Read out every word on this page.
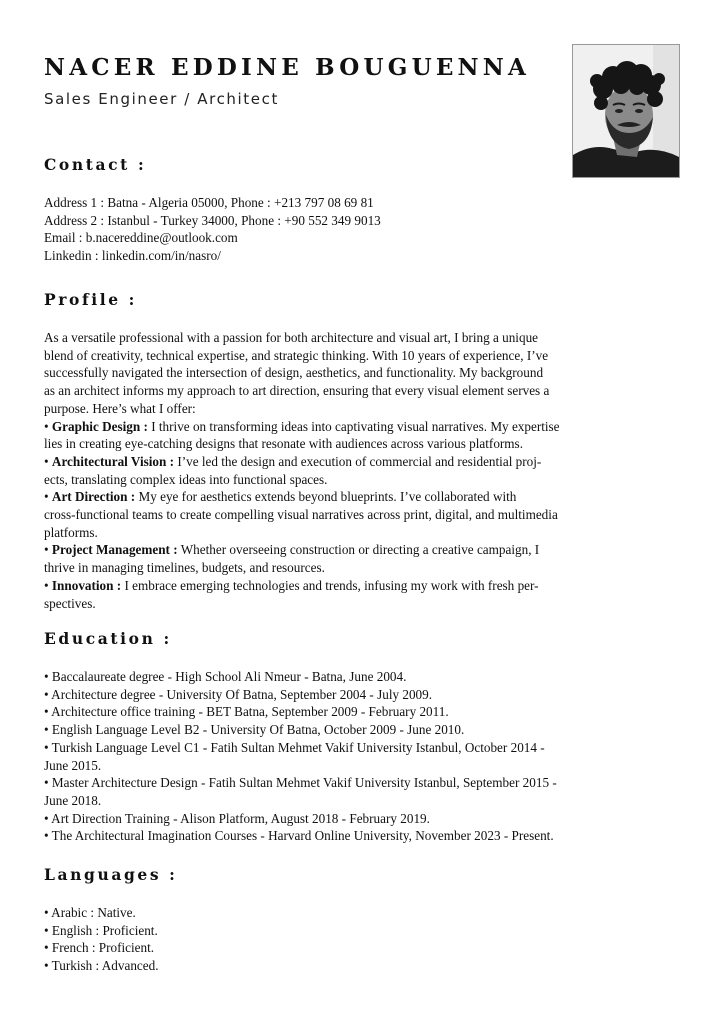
NACER EDDINE BOUGUENNA
Sales Engineer / Architect
Contact :
Address 1 : Batna - Algeria 05000, Phone : +213 797 08 69 81
Address 2 : Istanbul - Turkey 34000, Phone : +90 552 349 9013
Email : b.nacereddine@outlook.com
Linkedin : linkedin.com/in/nasro/
Profile :
As a versatile professional with a passion for both architecture and visual art, I bring a unique
blend of creativity, technical expertise, and strategic thinking. With 10 years of experience, I’ve
successfully navigated the intersection of design, aesthetics, and functionality. My background
as an architect informs my approach to art direction, ensuring that every visual element serves a
purpose. Here’s what I offer:
• Graphic Design : I thrive on transforming ideas into captivating visual narratives. My expertise
lies in creating eye-catching designs that resonate with audiences across various platforms.
• Architectural Vision : I’ve led the design and execution of commercial and residential proj-
ects, translating complex ideas into functional spaces.
• Art Direction : My eye for aesthetics extends beyond blueprints. I’ve collaborated with
cross-functional teams to create compelling visual narratives across print, digital, and multimedia
platforms.
• Project Management : Whether overseeing construction or directing a creative campaign, I
thrive in managing timelines, budgets, and resources.
• Innovation : I embrace emerging technologies and trends, infusing my work with fresh per-
spectives.
Education :
• Baccalaureate degree - High School Ali Nmeur - Batna, June 2004.
• Architecture degree - University Of Batna, September 2004 - July 2009.
• Architecture office training - BET Batna, September 2009 - February 2011.
• English Language Level B2 - University Of Batna, October 2009 - June 2010.
• Turkish Language Level C1 - Fatih Sultan Mehmet Vakif University Istanbul, October 2014 -
June 2015.
• Master Architecture Design - Fatih Sultan Mehmet Vakif University Istanbul, September 2015 -
June 2018.
• Art Direction Training - Alison Platform, August 2018 - February 2019.
• The Architectural Imagination Courses - Harvard Online University, November 2023 - Present.
Languages :
• Arabic : Native.
• English : Proficient.
• French : Proficient.
• Turkish : Advanced.
